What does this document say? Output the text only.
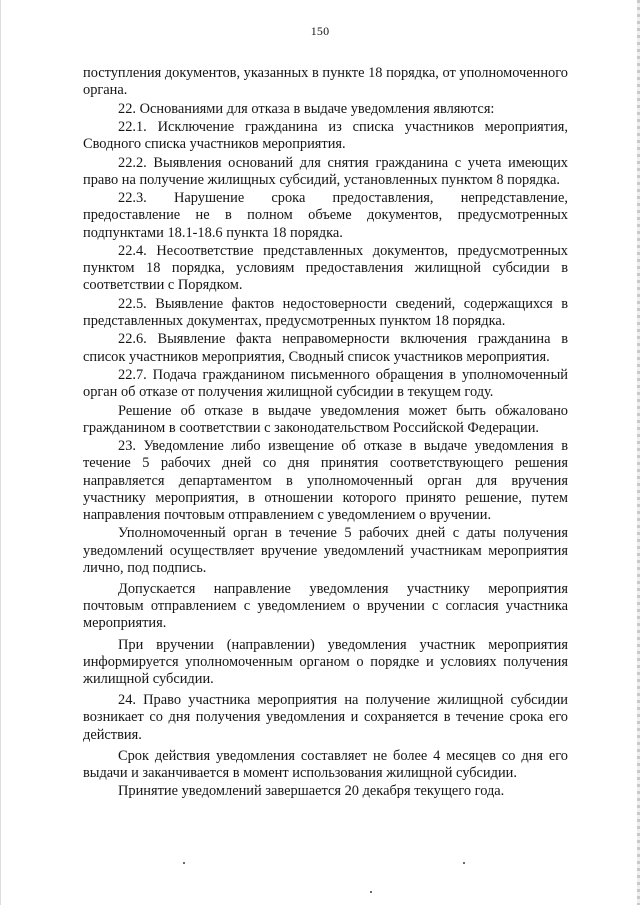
150

поступления документов, указанных в пункте 18 порядка, от уполномоченного органа.

22. Основаниями для отказа в выдаче уведомления являются:

22.1. Исключение гражданина из списка участников мероприятия, Сводного списка участников мероприятия.

22.2. Выявления оснований для снятия гражданина с учета имеющих право на получение жилищных субсидий, установленных пунктом 8 порядка.

22.3. Нарушение срока предоставления, непредставление, предоставление не в полном объеме документов, предусмотренных подпунктами 18.1-18.6 пункта 18 порядка.

22.4. Несоответствие представленных документов, предусмотренных пунктом 18 порядка, условиям предоставления жилищной субсидии в соответствии с Порядком.

22.5. Выявление фактов недостоверности сведений, содержащихся в представленных документах, предусмотренных пунктом 18 порядка.

22.6. Выявление факта неправомерности включения гражданина в список участников мероприятия, Сводный список участников мероприятия.

22.7. Подача гражданином письменного обращения в уполномоченный орган об отказе от получения жилищной субсидии в текущем году.

Решение об отказе в выдаче уведомления может быть обжаловано гражданином в соответствии с законодательством Российской Федерации.

23. Уведомление либо извещение об отказе в выдаче уведомления в течение 5 рабочих дней со дня принятия соответствующего решения направляется департаментом в уполномоченный орган для вручения участнику мероприятия, в отношении которого принято решение, путем направления почтовым отправлением с уведомлением о вручении.

Уполномоченный орган в течение 5 рабочих дней с даты получения уведомлений осуществляет вручение уведомлений участникам мероприятия лично, под подпись.

Допускается направление уведомления участнику мероприятия почтовым отправлением с уведомлением о вручении с согласия участника мероприятия.

При вручении (направлении) уведомления участник мероприятия информируется уполномоченным органом о порядке и условиях получения жилищной субсидии.

24. Право участника мероприятия на получение жилищной субсидии возникает со дня получения уведомления и сохраняется в течение срока его действия.

Срок действия уведомления составляет не более 4 месяцев со дня его выдачи и заканчивается в момент использования жилищной субсидии.

Принятие уведомлений завершается 20 декабря текущего года.
